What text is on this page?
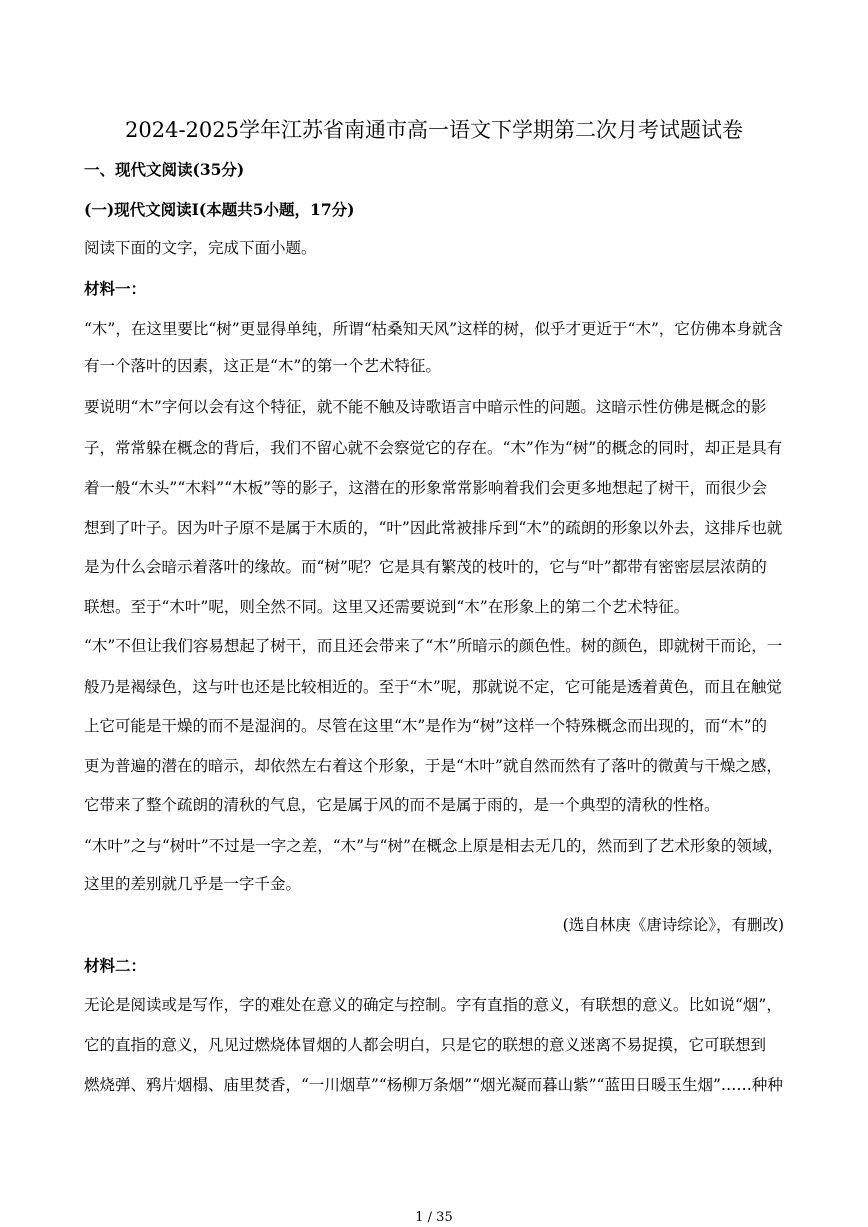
2024-2025学年江苏省南通市高一语文下学期第二次月考试题试卷
一、现代文阅读(35分)
(一)现代文阅读I(本题共5小题，17分)
阅读下面的文字，完成下面小题。
材料一：
“木”，在这里要比“树”更显得单纯，所谓“枯桑知天风”这样的树，似乎才更近于“木”，它仿佛本身就含
有一个落叶的因素，这正是“木”的第一个艺术特征。
要说明“木”字何以会有这个特征，就不能不触及诗歌语言中暗示性的问题。这暗示性仿佛是概念的影
子，常常躲在概念的背后，我们不留心就不会察觉它的存在。“木”作为“树”的概念的同时，却正是具有
着一般“木头”“木料”“木板”等的影子，这潜在的形象常常影响着我们会更多地想起了树干，而很少会
想到了叶子。因为叶子原不是属于木质的，“叶”因此常被排斥到“木”的疏朗的形象以外去，这排斥也就
是为什么会暗示着落叶的缘故。而“树”呢？它是具有繁茂的枝叶的，它与“叶”都带有密密层层浓荫的
联想。至于“木叶”呢，则全然不同。这里又还需要说到“木”在形象上的第二个艺术特征。
“木”不但让我们容易想起了树干，而且还会带来了“木”所暗示的颜色性。树的颜色，即就树干而论，一
般乃是褐绿色，这与叶也还是比较相近的。至于“木”呢，那就说不定，它可能是透着黄色，而且在触觉
上它可能是干燥的而不是湿润的。尽管在这里“木”是作为“树”这样一个特殊概念而出现的，而“木”的
更为普遍的潜在的暗示，却依然左右着这个形象，于是“木叶”就自然而然有了落叶的微黄与干燥之感，
它带来了整个疏朗的清秋的气息，它是属于风的而不是属于雨的，是一个典型的清秋的性格。
“木叶”之与“树叶”不过是一字之差，“木”与“树”在概念上原是相去无几的，然而到了艺术形象的领域，
这里的差别就几乎是一字千金。
(选自林庚《唐诗综论》，有删改)
材料二：
无论是阅读或是写作，字的难处在意义的确定与控制。字有直指的意义，有联想的意义。比如说“烟”，
它的直指的意义，凡见过燃烧体冒烟的人都会明白，只是它的联想的意义迷离不易捉摸，它可联想到
燃烧弹、鸦片烟榻、庙里焚香，“一川烟草”“杨柳万条烟”“烟光凝而暮山紫”“蓝田日暖玉生烟”……种种
1 / 35
